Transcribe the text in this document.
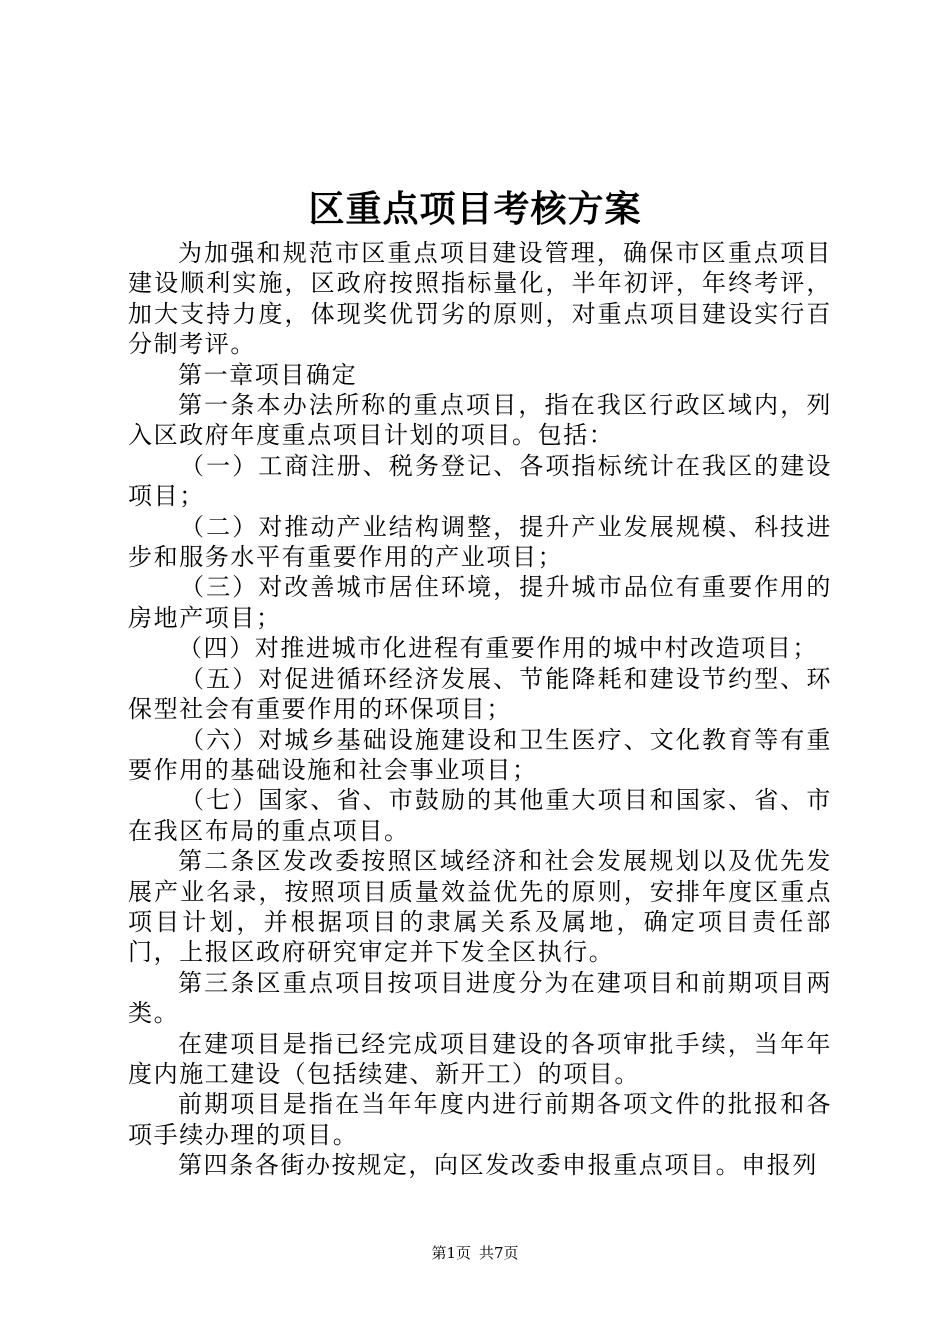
区重点项目考核方案

为加强和规范市区重点项目建设管理，确保市区重点项目建设顺利实施，区政府按照指标量化，半年初评，年终考评，加大支持力度，体现奖优罚劣的原则，对重点项目建设实行百分制考评。

第一章项目确定

第一条本办法所称的重点项目，指在我区行政区域内，列入区政府年度重点项目计划的项目。包括：

（一）工商注册、税务登记、各项指标统计在我区的建设项目；

（二）对推动产业结构调整，提升产业发展规模、科技进步和服务水平有重要作用的产业项目；

（三）对改善城市居住环境，提升城市品位有重要作用的房地产项目；

（四）对推进城市化进程有重要作用的城中村改造项目；

（五）对促进循环经济发展、节能降耗和建设节约型、环保型社会有重要作用的环保项目；

（六）对城乡基础设施建设和卫生医疗、文化教育等有重要作用的基础设施和社会事业项目；

（七）国家、省、市鼓励的其他重大项目和国家、省、市在我区布局的重点项目。

第二条区发改委按照区域经济和社会发展规划以及优先发展产业名录，按照项目质量效益优先的原则，安排年度区重点项目计划，并根据项目的隶属关系及属地，确定项目责任部门，上报区政府研究审定并下发全区执行。

第三条区重点项目按项目进度分为在建项目和前期项目两类。

在建项目是指已经完成项目建设的各项审批手续，当年年度内施工建设（包括续建、新开工）的项目。

前期项目是指在当年年度内进行前期各项文件的批报和各项手续办理的项目。

第四条各街办按规定，向区发改委申报重点项目。申报列

第1页 共7页
